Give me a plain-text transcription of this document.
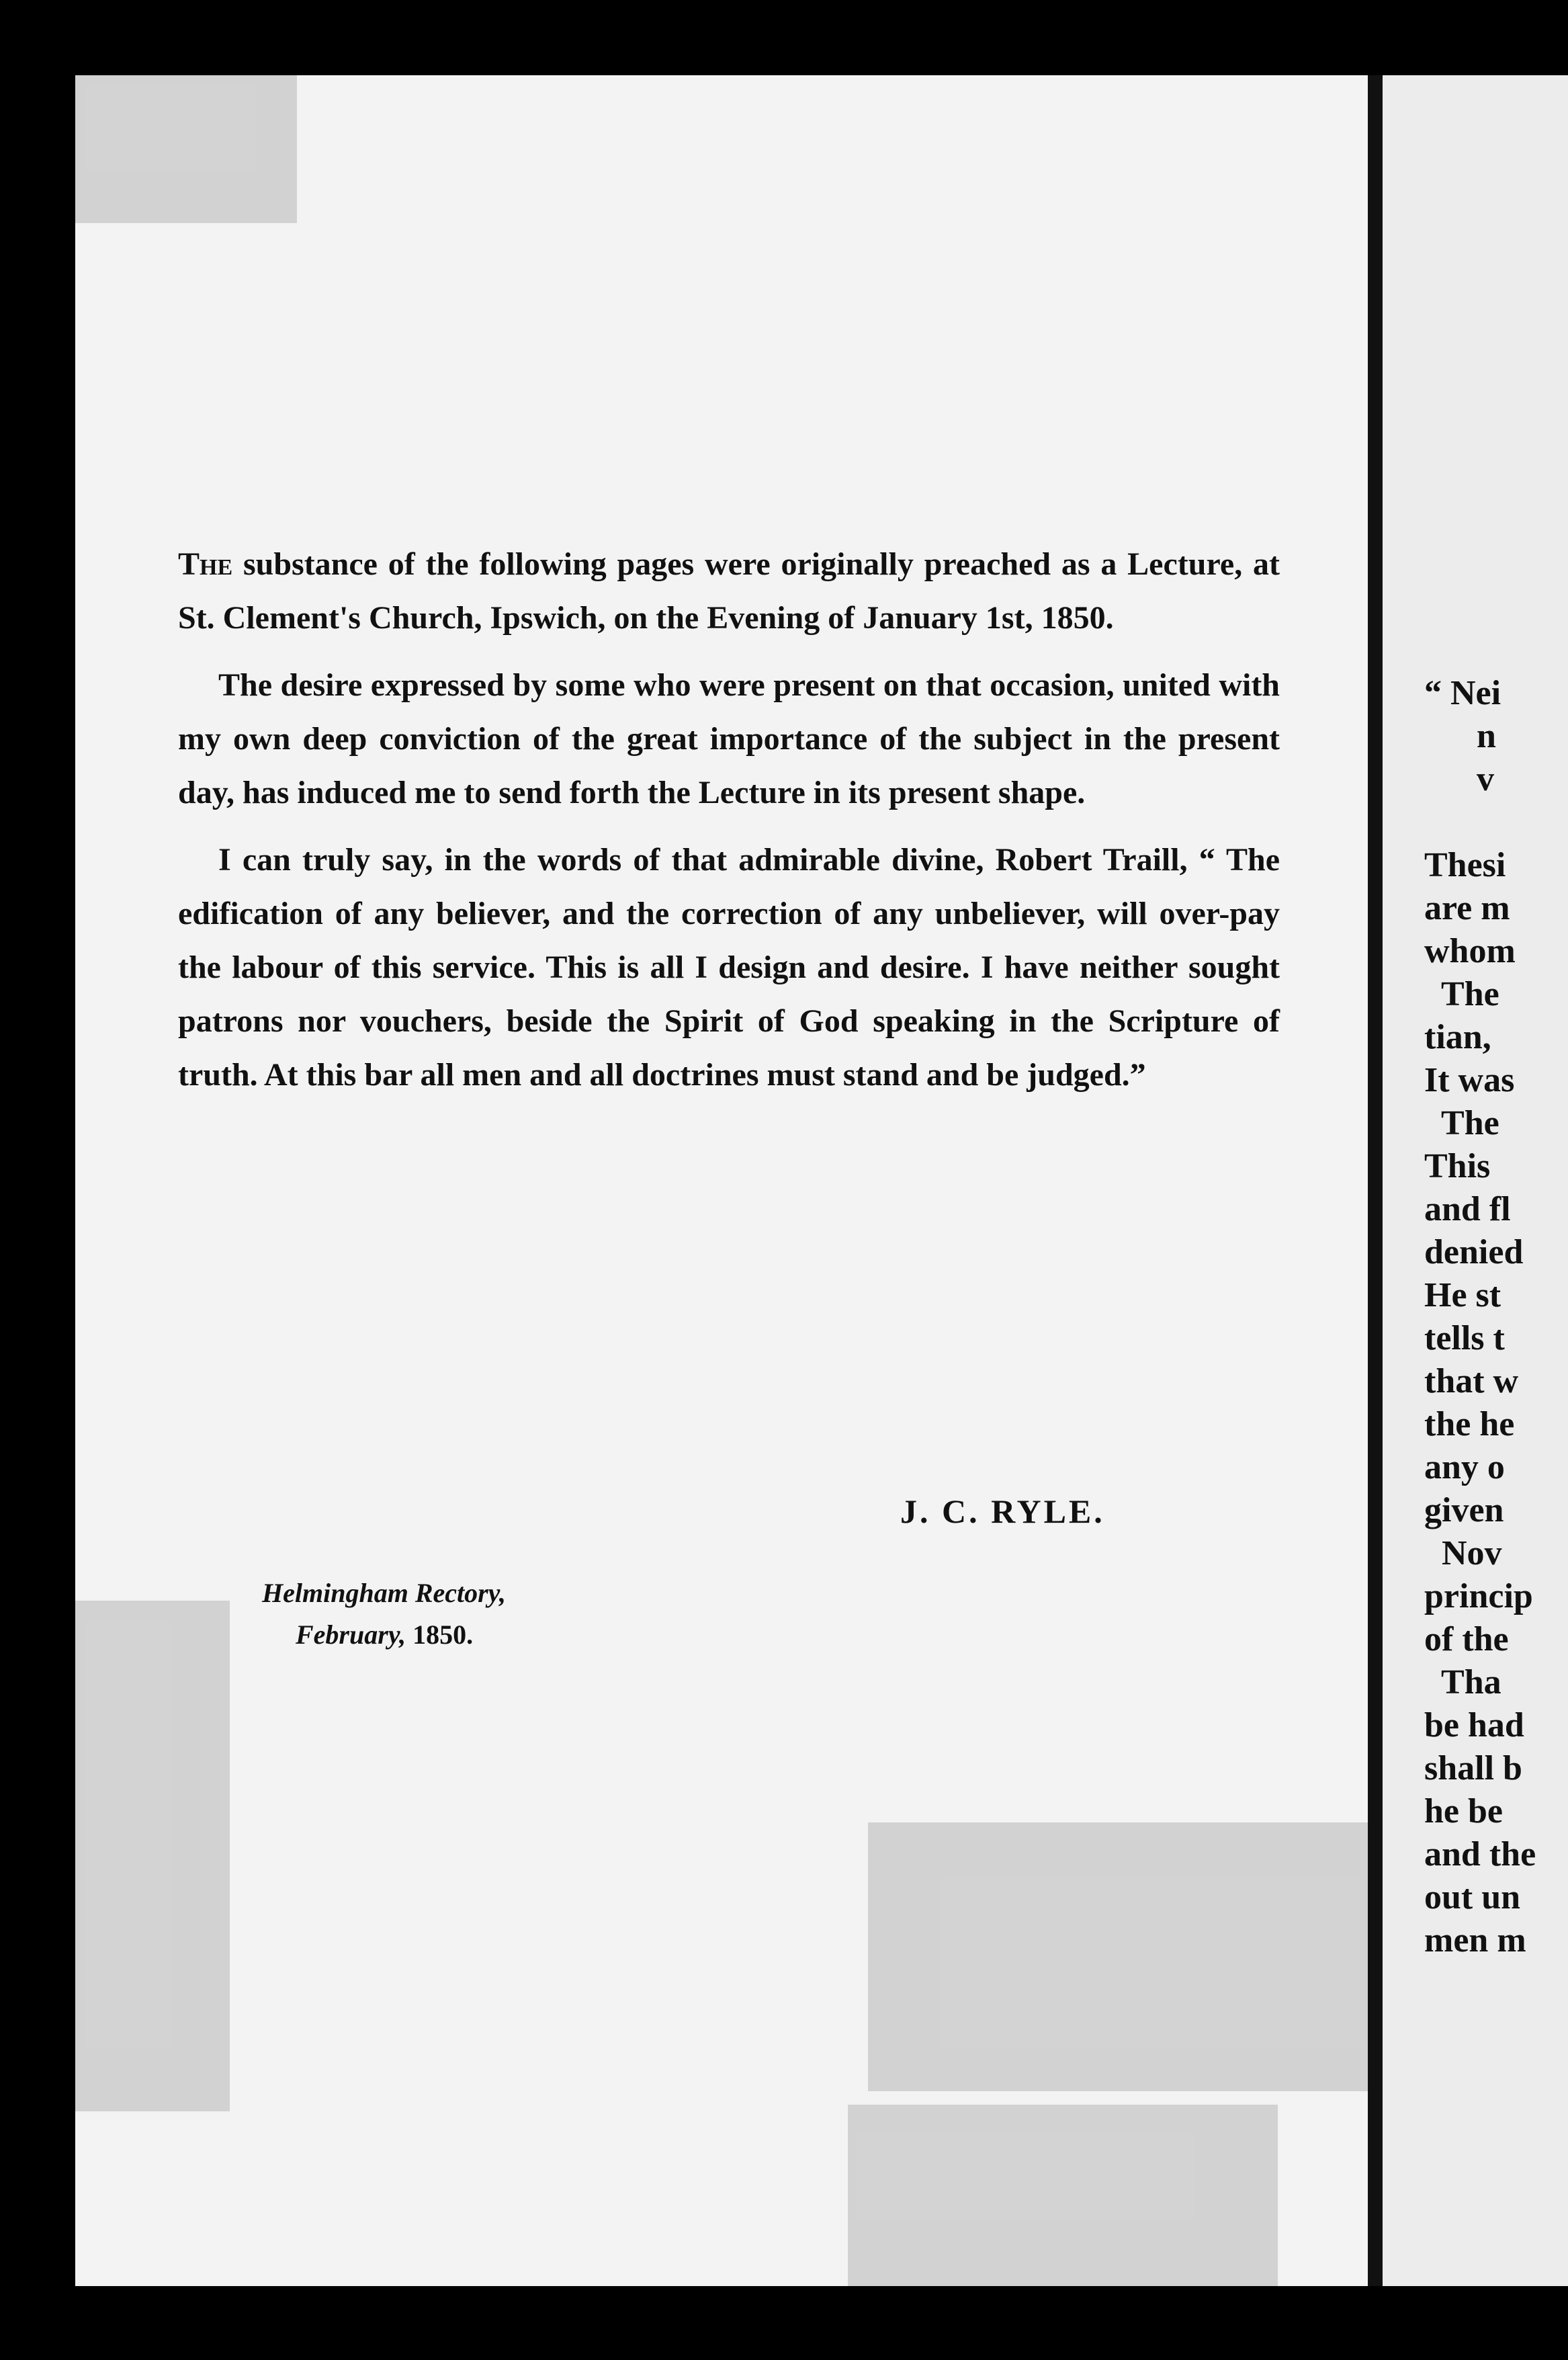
The substance of the following pages were originally preached as a Lecture, at St. Clement's Church, Ipswich, on the Evening of January 1st, 1850.

The desire expressed by some who were present on that occasion, united with my own deep conviction of the great importance of the subject in the present day, has induced me to send forth the Lecture in its present shape.

I can truly say, in the words of that admirable divine, Robert Traill, “ The edification of any believer, and the correction of any unbeliever, will over-pay the labour of this service. This is all I design and desire. I have neither sought patrons nor vouchers, beside the Spirit of God speaking in the Scripture of truth. At this bar all men and all doctrines must stand and be judged.”

J. C. RYLE.
Helmingham Rectory,
February, 1850.
“ Nei
n
v

Thesi
are m
whom
The
tian,
It was
The
This
and fl
denied
He st
tells t
that w
the he
any o
given
Nov
princip
of the
Tha
be had
shall b
he be
and the
out un
men m
